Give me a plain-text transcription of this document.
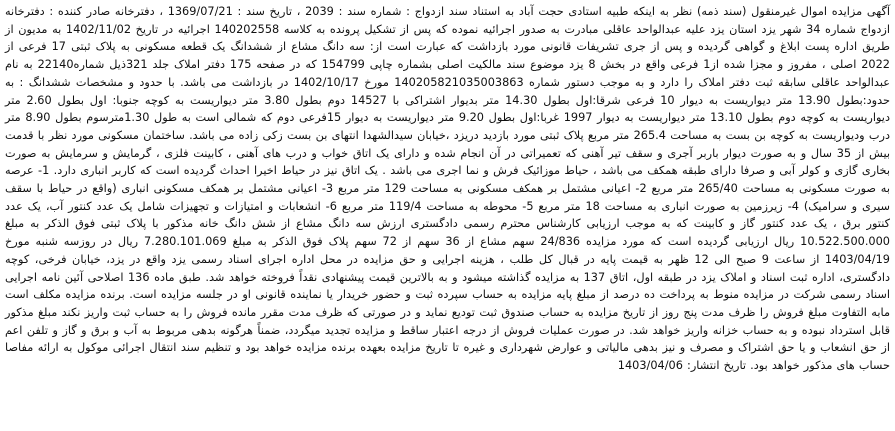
آگهی مزایده اموال غیرمنقول (سند ذمه) نظر به اینکه طبیه استادی حجت آباد به استناد سند ازدواج : شماره سند : 2039 ، تاریخ سند : 1369/07/21 ، دفترخانه صادر کننده : دفترخانه ازدواج شماره 34 شهر یزد استان یزد علیه عبدالواحد عاقلی مبادرت به صدور اجرائیه نموده که پس از تشکیل پرونده به کلاسه 140202558 اجرائیه در تاریخ 1402/11/02 به مدیون از طریق اداره پست ابلاغ و گواهی گردیده و پس از جری تشریفات قانونی مورد بازداشت که عبارت است از: سه دانگ مشاع از ششدانگ یک قطعه مسکونی به پلاک ثبتی 17 فرعی از 2022 اصلی ، مفروز و مجزا شده از1 فرعی واقع در بخش 8 یزد موضوع سند مالکیت اصلی بشماره چاپی 154799 که در صفحه 175 دفتر املاک جلد 321ذیل شماره22140 به نام عبدالواحد عاقلی سابقه ثبت دفتر املاک را دارد و به موجب دستور شماره 140205821035003863 مورخ 1402/10/17 در بازداشت می باشد. با حدود و مشخصات ششدانگ : به حدود:بطول 13.90 متر دیواریست به دیوار 10 فرعی شرقا:اول بطول 14.30 متر بدیوار اشتراکی با 14527 دوم بطول 3.80 متر دیواریست به کوچه جنوبا: اول بطول 2.60 متر دیواریست به کوچه دوم بطول 13.10 متر دیواریست به دیوار 1997 غربا:اول بطول 9.20 متر دیواریست به دیوار 15فرعی دوم که شمالی است به طول 1.30مترسوم بطول 8.90 متر درب ودیواریست به کوچه بن بست به مساحت 265.4 متر مربع پلاک ثبتی مورد بازدید دریزد ،خیابان سیدالشهدا انتهای بن بست زکی زاده می باشد. ساختمان مسکونی مورد نظر با قدمت بیش از 35 سال و به صورت دیوار باربر آجری و سقف تیر آهنی که تعمیراتی در آن انجام شده و دارای یک اتاق خواب و درب های آهنی ، کابینت فلزی ، گرمایش و سرمایش به صورت بخاری گازی و کولر آبی و صرفا دارای طبقه همکف می باشد ، حیاط موزائیک فرش و نما اجری می باشد . یک اتاق نیز در حیاط اخیرا احداث گردیده است که کاربر انباری دارد. 1- عرصه به صورت مسکونی به مساحت 265/40 متر مربع 2- اعیانی مشتمل بر همکف مسکونی به مساحت 129 متر مربع 3- اعیانی مشتمل بر همکف مسکونی انباری (واقع در حیاط با سقف سیری و سرامیک) 4- زیرزمین به صورت انباری به مساحت 18 متر مربع 5- محوطه به مساحت 119/4 متر مربع 6- انشعابات و امتیازات و تجهیزات شامل یک عدد کنتور آب، یک عدد کنتور برق ، یک عدد کنتور گاز و کابینت که به موجب ارزیابی کارشناس محترم رسمی دادگستری ارزش سه دانگ مشاع از شش دانگ خانه مذکور با پلاک ثبتی فوق الذکر به مبلغ 10.522.500.000 ریال ارزیابی گردیده است که مورد مزایده 24/836 سهم مشاع از 36 سهم از 72 سهم پلاک فوق الذکر به مبلغ 7.280.101.069 ریال در روزسه شنبه مورخ 1403/04/19 از ساعت 9 صبح الی 12 ظهر به قیمت پایه در قبال کل طلب ، هزینه اجرایی و حق مزایده در محل اداره اجرای اسناد رسمی یزد واقع در یزد، خیابان فرخی، کوچه دادگستری، اداره ثبت اسناد و املاک یزد در طبقه اول، اتاق 137 به مزایده گذاشته میشود و به بالاترین قیمت پیشنهادی نقداً فروخته خواهد شد. طبق ماده 136 اصلاحی آئین نامه اجرایی اسناد رسمی شرکت در مزایده منوط به پرداخت ده درصد از مبلغ پایه مزایده به حساب سپرده ثبت و حضور خریدار یا نماینده قانونی او در جلسه مزایده است. برنده مزایده مکلف است مابه التفاوت مبلغ فروش را ظرف مدت پنج روز از تاریخ مزایده به حساب صندوق ثبت تودیع نماید و در صورتی که ظرف مدت مقرر مانده فروش را به حساب ثبت واریز نکند مبلغ مذکور قابل استرداد نبوده و به حساب خزانه واریز خواهد شد. در صورت عملیات فروش از درجه اعتبار ساقط و مزایده تجدید میگردد، ضمناً هرگونه بدهی مربوط به آب و برق و گاز و تلفن اعم از حق انشعاب و یا حق اشتراک و مصرف و نیز بدهی مالیاتی و عوارض شهرداری و غیره تا تاریخ مزایده بعهده برنده مزایده خواهد بود و تنظیم سند انتقال اجرائی موکول به ارائه مفاصا حساب های مذکور خواهد بود. تاریخ انتشار: 1403/04/06
